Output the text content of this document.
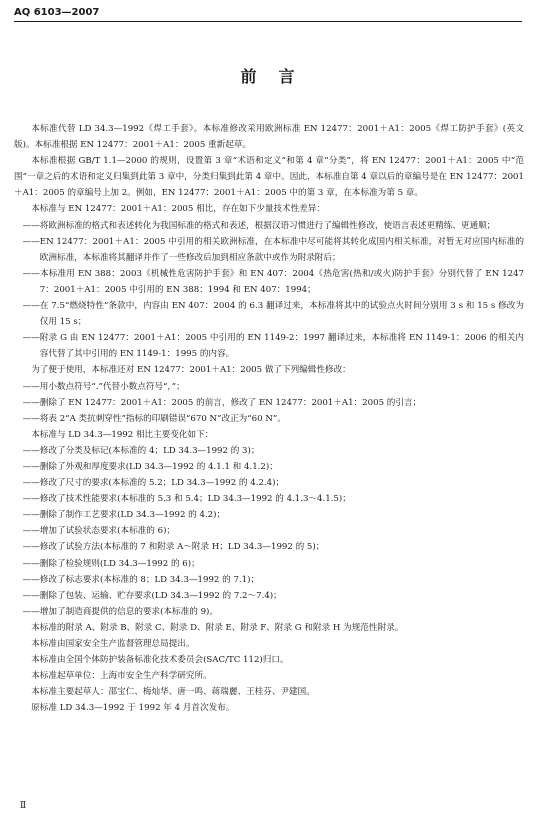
AQ 6103—2007
前言

本标准代替 LD 34.3—1992《焊工手套》。本标准修改采用欧洲标准 EN 12477：2001＋A1：2005《焊工防护手套》(英文版)。本标准根据 EN 12477：2001＋A1：2005 重新起草。

本标准根据 GB/T 1.1—2000 的规则，设置第 3 章“术语和定义”和第 4 章“分类”，将 EN 12477：2001＋A1：2005 中“范围”一章之后的术语和定义归集到此第 3 章中，分类归集到此第 4 章中。因此，本标准自第 4 章以后的章编号是在 EN 12477：2001＋A1：2005 的章编号上加 2。例如，EN 12477：2001＋A1：2005 中的第 3 章，在本标准为第 5 章。

本标准与 EN 12477：2001＋A1：2005 相比，存在如下少量技术性差异：

——将欧洲标准的格式和表述转化为我国标准的格式和表述，根据汉语习惯进行了编辑性修改，使语言表述更精练、更通顺；

——EN 12477：2001＋A1：2005 中引用的相关欧洲标准，在本标准中尽可能将其转化成国内相关标准，对暂无对应国内标准的欧洲标准，本标准将其翻译并作了一些修改后加到相应条款中或作为附录附后；

——本标准用 EN 388：2003《机械性危害防护手套》和 EN 407：2004《热危害(热和/或火)防护手套》分别代替了 EN 12477：2001＋A1：2005 中引用的 EN 388：1994 和 EN 407：1994；

——在 7.5“燃烧特性”条款中，内容由 EN 407：2004 的 6.3 翻译过来，本标准将其中的试验点火时间分别用 3 s 和 15 s 修改为仅用 15 s；

——附录 G 由 EN 12477：2001＋A1：2005 中引用的 EN 1149-2：1997 翻译过来，本标准将 EN 1149-1：2006 的相关内容代替了其中引用的 EN 1149-1：1995 的内容。

为了便于使用，本标准还对 EN 12477：2001＋A1：2005 做了下列编辑性修改：

——用小数点符号“.”代替小数点符号“，”；

——删除了 EN 12477：2001＋A1：2005 的前言，修改了 EN 12477：2001＋A1：2005 的引言；

——将表 2“A 类抗刺穿性”指标的印刷错误“670 N”改正为“60 N”。

本标准与 LD 34.3—1992 相比主要变化如下：

——修改了分类及标记(本标准的 4；LD 34.3—1992 的 3)；

——删除了外观和厚度要求(LD 34.3—1992 的 4.1.1 和 4.1.2)；

——修改了尺寸的要求(本标准的 5.2；LD 34.3—1992 的 4.2.4)；

——修改了技术性能要求(本标准的 5.3 和 5.4；LD 34.3—1992 的 4.1.3～4.1.5)；

——删除了制作工艺要求(LD 34.3—1992 的 4.2)；

——增加了试验状态要求(本标准的 6)；

——修改了试验方法(本标准的 7 和附录 A～附录 H；LD 34.3—1992 的 5)；

——删除了检验规则(LD 34.3—1992 的 6)；

——修改了标志要求(本标准的 8；LD 34.3—1992 的 7.1)；

——删除了包装、运输、贮存要求(LD 34.3—1992 的 7.2～7.4)；

——增加了制造商提供的信息的要求(本标准的 9)。

本标准的附录 A、附录 B、附录 C、附录 D、附录 E、附录 F、附录 G 和附录 H 为规范性附录。

本标准由国家安全生产监督管理总局提出。

本标准由全国个体防护装备标准化技术委员会(SAC/TC 112)归口。

本标准起草单位：上海市安全生产科学研究所。

本标准主要起草人：邵宝仁、梅灿华、唐一鸣、蒋瑞麗、王桂芬、尹建国。

原标准 LD 34.3—1992 于 1992 年 4 月首次发布。

Ⅱ
